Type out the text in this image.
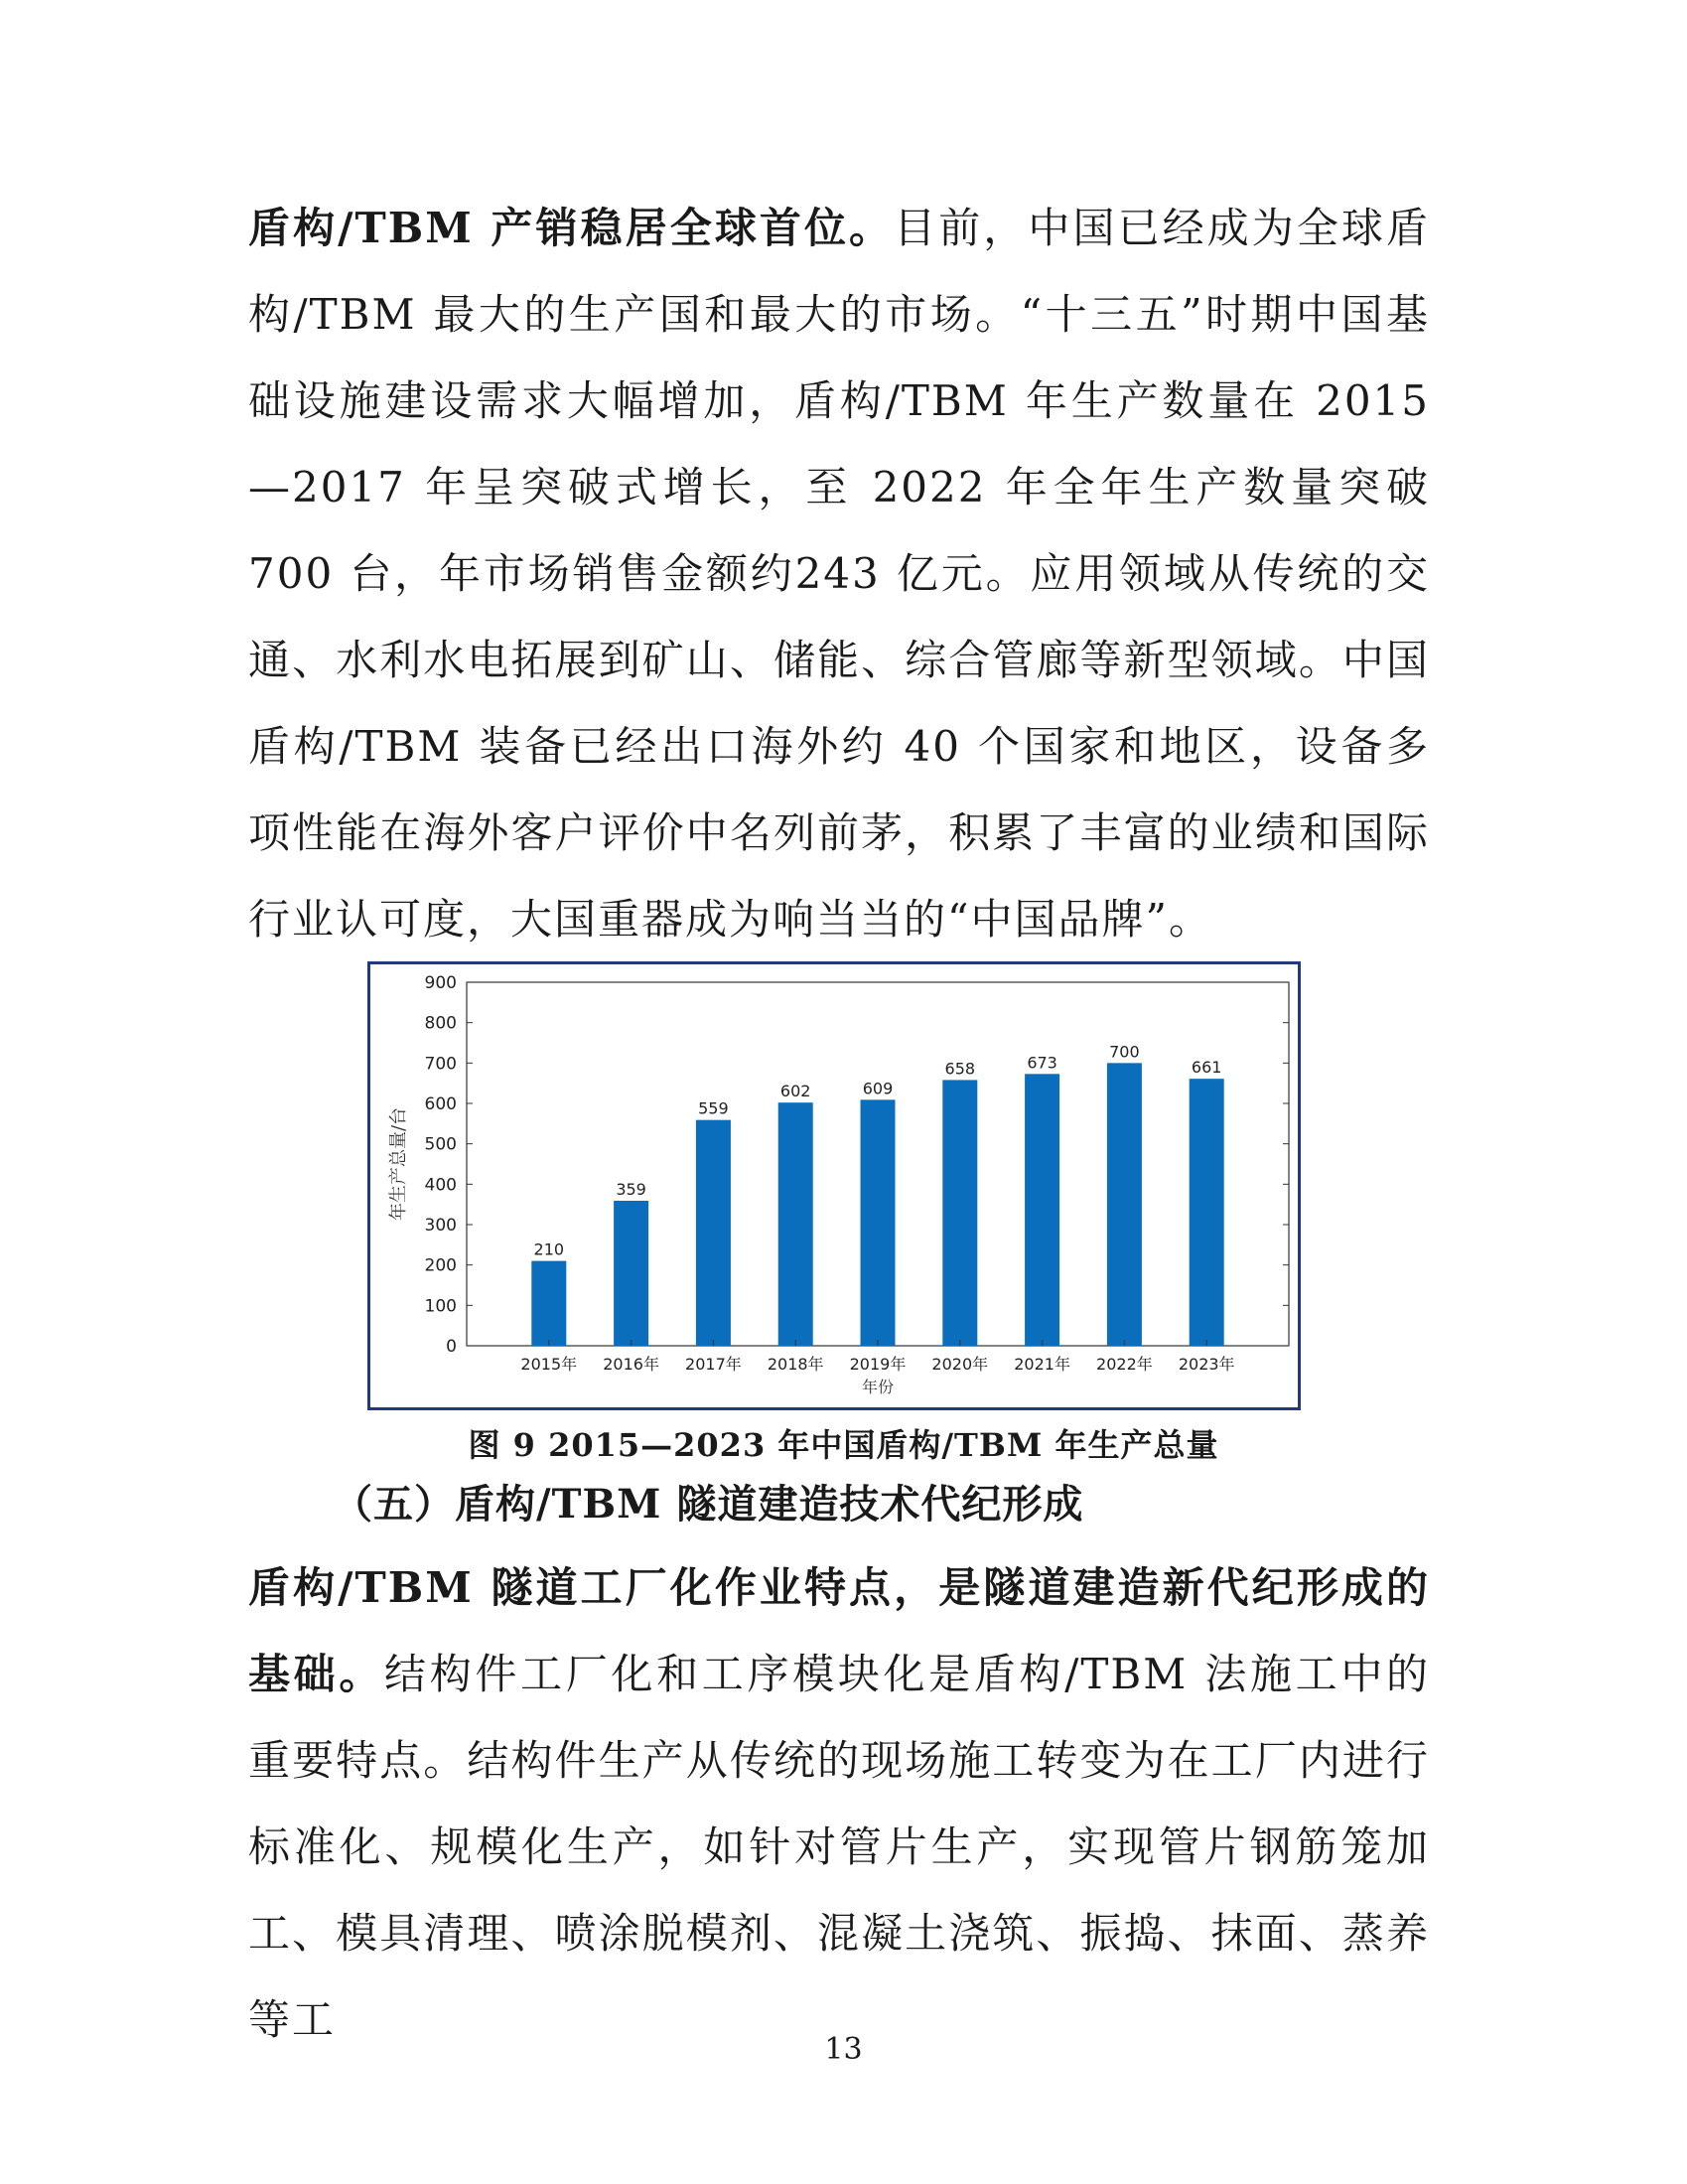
盾构/TBM 产销稳居全球首位。目前，中国已经成为全球盾构/TBM 最大的生产国和最大的市场。“十三五”时期中国基础设施建设需求大幅增加，盾构/TBM 年生产数量在 2015—2017 年呈突破式增长，至 2022 年全年生产数量突破 700 台，年市场销售金额约243 亿元。应用领域从传统的交通、水利水电拓展到矿山、储能、综合管廊等新型领域。中国盾构/TBM 装备已经出口海外约 40 个国家和地区，设备多项性能在海外客户评价中名列前茅，积累了丰富的业绩和国际行业认可度，大国重器成为响当当的“中国品牌”。
0
100
200
300
400
500
600
700
800
900
210
2015年
359
2016年
559
2017年
602
2018年
609
2019年
658
2020年
673
2021年
700
2022年
661
2023年
年份
年生产总量/台
图 9 2015—2023 年中国盾构/TBM 年生产总量
（五）盾构/TBM 隧道建造技术代纪形成
盾构/TBM 隧道工厂化作业特点，是隧道建造新代纪形成的基础。结构件工厂化和工序模块化是盾构/TBM 法施工中的重要特点。结构件生产从传统的现场施工转变为在工厂内进行标准化、规模化生产，如针对管片生产，实现管片钢筋笼加工、模具清理、喷涂脱模剂、混凝土浇筑、振捣、抹面、蒸养等工
13
